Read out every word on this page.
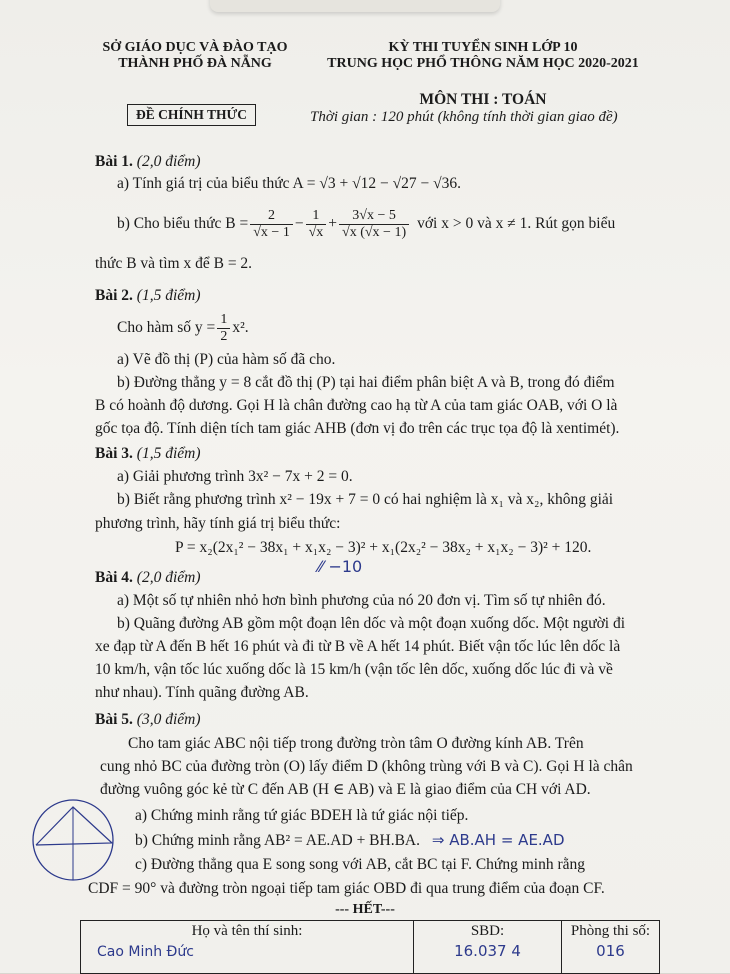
SỞ GIÁO DỤC VÀ ĐÀO TẠO
THÀNH PHỐ ĐÀ NẴNG
KỲ THI TUYỂN SINH LỚP 10
TRUNG HỌC PHỔ THÔNG NĂM HỌC 2020-2021
ĐỀ CHÍNH THỨC
MÔN THI : TOÁN
Thời gian : 120 phút (không tính thời gian giao đề)
Bài 1. (2,0 điểm)
a) Tính giá trị của biểu thức A = √3 + √12 − √27 − √36.
b) Cho biểu thức $B = \frac{2}{√x - 1} - \frac{1}{√x} + \frac{3√x - 5}{√x (√x - 1)}$ với x > 0 và x ≠ 1. Rút gọn biểu
thức B và tìm x để B = 2.
Bài 2. (1,5 điểm)
Cho hàm số $y = \frac{1}{2} x^2$.
a) Vẽ đồ thị (P) của hàm số đã cho.
b) Đường thẳng y = 8 cắt đồ thị (P) tại hai điểm phân biệt A và B, trong đó điểm
B có hoành độ dương. Gọi H là chân đường cao hạ từ A của tam giác OAB, với O là
gốc tọa độ. Tính diện tích tam giác AHB (đơn vị đo trên các trục tọa độ là xentimét).
Bài 3. (1,5 điểm)
a) Giải phương trình 3x² − 7x + 2 = 0.
b) Biết rằng phương trình x² − 19x + 7 = 0 có hai nghiệm là x₁ và x₂, không giải
phương trình, hãy tính giá trị biểu thức:
P = x₂(2x₁² − 38x₁ + x₁x₂ − 3)² + x₁(2x₂² − 38x₂ + x₁x₂ − 3)² + 120.
⁄⁄ −10
Bài 4. (2,0 điểm)
a) Một số tự nhiên nhỏ hơn bình phương của nó 20 đơn vị. Tìm số tự nhiên đó.
b) Quãng đường AB gồm một đoạn lên dốc và một đoạn xuống dốc. Một người đi
xe đạp từ A đến B hết 16 phút và đi từ B về A hết 14 phút. Biết vận tốc lúc lên dốc là
10 km/h, vận tốc lúc xuống dốc là 15 km/h (vận tốc lên dốc, xuống dốc lúc đi và về
như nhau). Tính quãng đường AB.
Bài 5. (3,0 điểm)
Cho tam giác ABC nội tiếp trong đường tròn tâm O đường kính AB. Trên
cung nhỏ BC của đường tròn (O) lấy điểm D (không trùng với B và C). Gọi H là chân
đường vuông góc kẻ từ C đến AB (H ∈ AB) và E là giao điểm của CH với AD.
a) Chứng minh rằng tứ giác BDEH là tứ giác nội tiếp.
b) Chứng minh rằng AB² = AE.AD + BH.BA. ⇒ AB.AH = AE.AD
c) Đường thẳng qua E song song với AB, cắt BC tại F. Chứng minh rằng
CDF = 90° và đường tròn ngoại tiếp tam giác OBD đi qua trung điểm của đoạn CF.
--- HẾT---
Họ và tên thí sinh:
Cao Minh Đức

SBD:
16.037 4

Phòng thi số:
016
